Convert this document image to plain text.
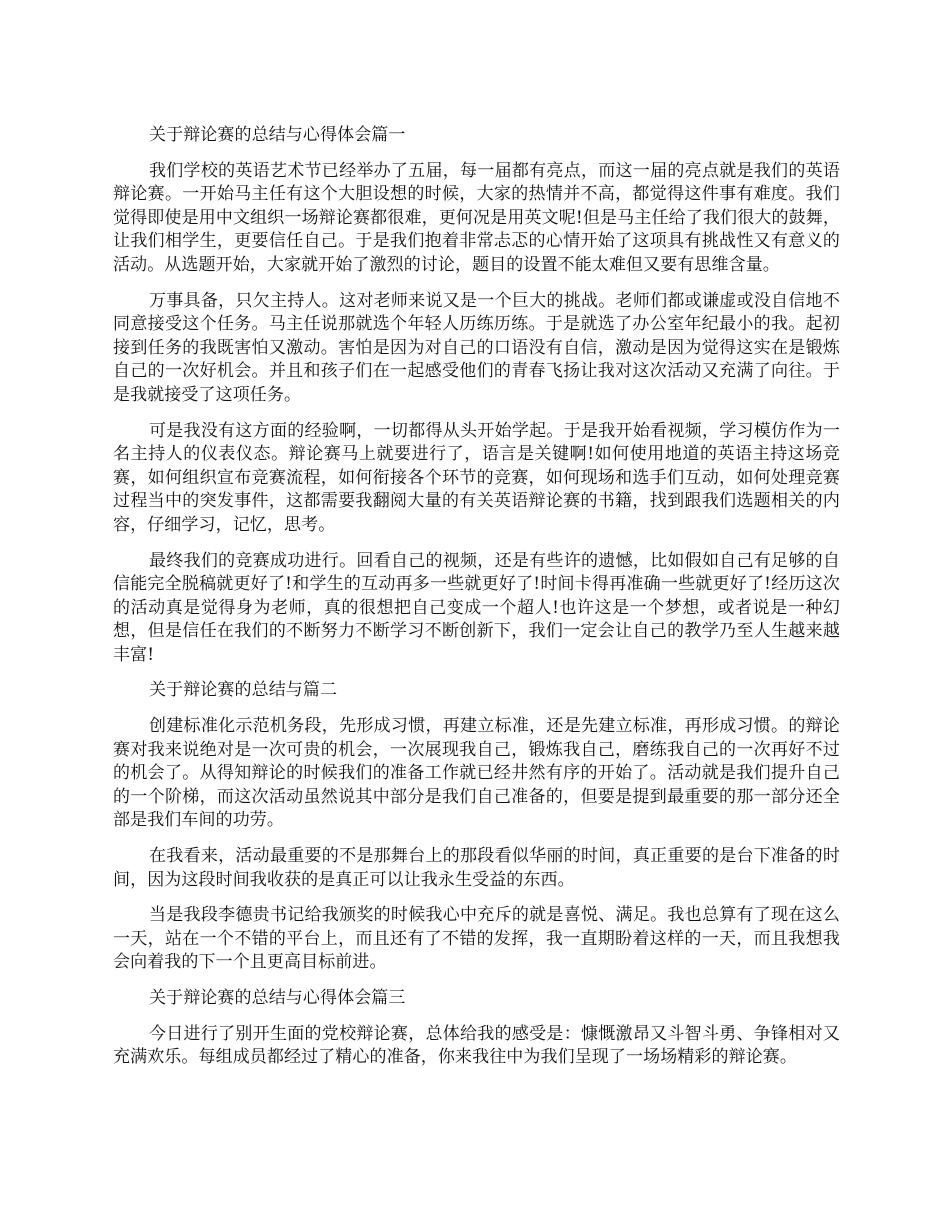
关于辩论赛的总结与心得体会篇一

我们学校的英语艺术节已经举办了五届，每一届都有亮点，而这一届的亮点就是我们的英语辩论赛。一开始马主任有这个大胆设想的时候，大家的热情并不高，都觉得这件事有难度。我们觉得即使是用中文组织一场辩论赛都很难，更何况是用英文呢!但是马主任给了我们很大的鼓舞，让我们相学生，更要信任自己。于是我们抱着非常忐忑的心情开始了这项具有挑战性又有意义的活动。从选题开始，大家就开始了激烈的讨论，题目的设置不能太难但又要有思维含量。

万事具备，只欠主持人。这对老师来说又是一个巨大的挑战。老师们都或谦虚或没自信地不同意接受这个任务。马主任说那就选个年轻人历练历练。于是就选了办公室年纪最小的我。起初接到任务的我既害怕又激动。害怕是因为对自己的口语没有自信，激动是因为觉得这实在是锻炼自己的一次好机会。并且和孩子们在一起感受他们的青春飞扬让我对这次活动又充满了向往。于是我就接受了这项任务。

可是我没有这方面的经验啊，一切都得从头开始学起。于是我开始看视频，学习模仿作为一名主持人的仪表仪态。辩论赛马上就要进行了，语言是关键啊!如何使用地道的英语主持这场竞赛，如何组织宣布竞赛流程，如何衔接各个环节的竞赛，如何现场和选手们互动，如何处理竞赛过程当中的突发事件，这都需要我翻阅大量的有关英语辩论赛的书籍，找到跟我们选题相关的内容，仔细学习，记忆，思考。

最终我们的竞赛成功进行。回看自己的视频，还是有些许的遗憾，比如假如自己有足够的自信能完全脱稿就更好了!和学生的互动再多一些就更好了!时间卡得再准确一些就更好了!经历这次的活动真是觉得身为老师，真的很想把自己变成一个超人!也许这是一个梦想，或者说是一种幻想，但是信任在我们的不断努力不断学习不断创新下，我们一定会让自己的教学乃至人生越来越丰富!

关于辩论赛的总结与篇二

创建标准化示范机务段，先形成习惯，再建立标准，还是先建立标准，再形成习惯。的辩论赛对我来说绝对是一次可贵的机会，一次展现我自己，锻炼我自己，磨练我自己的一次再好不过的机会了。从得知辩论的时候我们的准备工作就已经井然有序的开始了。活动就是我们提升自己的一个阶梯，而这次活动虽然说其中部分是我们自己准备的，但要是提到最重要的那一部分还全部是我们车间的功劳。

在我看来，活动最重要的不是那舞台上的那段看似华丽的时间，真正重要的是台下准备的时间，因为这段时间我收获的是真正可以让我永生受益的东西。

当是我段李德贵书记给我颁奖的时候我心中充斥的就是喜悦、满足。我也总算有了现在这么一天，站在一个不错的平台上，而且还有了不错的发挥，我一直期盼着这样的一天，而且我想我会向着我的下一个且更高目标前进。

关于辩论赛的总结与心得体会篇三

今日进行了别开生面的党校辩论赛，总体给我的感受是：慷慨激昂又斗智斗勇、争锋相对又充满欢乐。每组成员都经过了精心的准备，你来我往中为我们呈现了一场场精彩的辩论赛。
